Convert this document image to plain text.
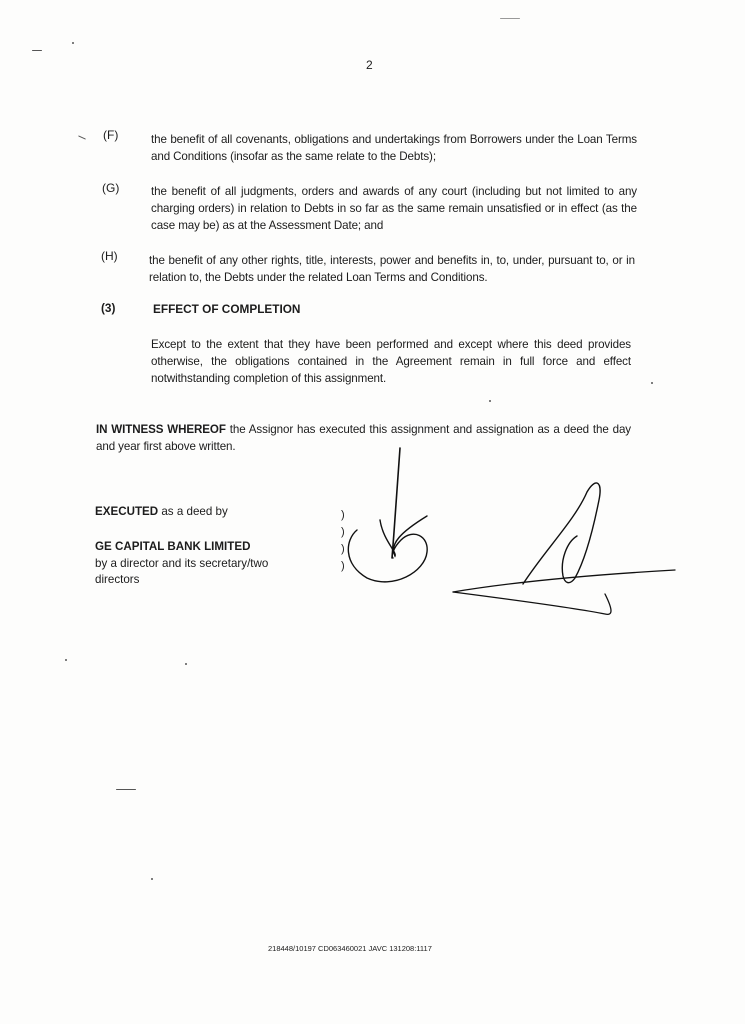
2
(F)	the benefit of all covenants, obligations and undertakings from Borrowers under the Loan Terms and Conditions (insofar as the same relate to the Debts);
(G)	the benefit of all judgments, orders and awards of any court (including but not limited to any charging orders) in relation to Debts in so far as the same remain unsatisfied or in effect (as the case may be) as at the Assessment Date; and
(H)	the benefit of any other rights, title, interests, power and benefits in, to, under, pursuant to, or in relation to, the Debts under the related Loan Terms and Conditions.
(3)	EFFECT OF COMPLETION
Except to the extent that they have been performed and except where this deed provides otherwise, the obligations contained in the Agreement remain in full force and effect notwithstanding completion of this assignment.
IN WITNESS WHEREOF the Assignor has executed this assignment and assignation as a deed the day and year first above written.
EXECUTED as a deed by
GE CAPITAL BANK LIMITED
by a director and its secretary/two
directors
)
)
)
)
218448/10197 CD063460021 JAVC 131208:1117
